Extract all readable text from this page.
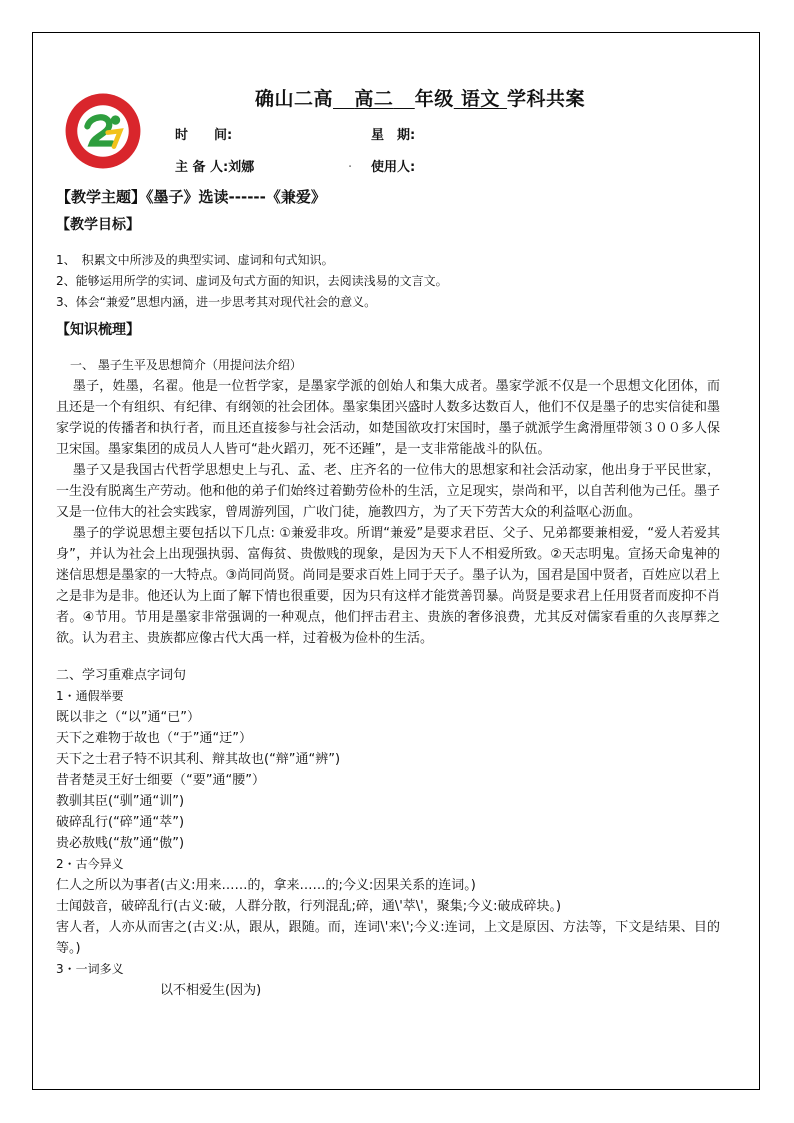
确山二高 高二 年级 语文 学科共案
时　　间:	星　期:
主 备 人:刘娜	. 使用人:

【教学主题】《墨子》选读------《兼爱》

【教学目标】

1、　积累文中所涉及的典型实词、虚词和句式知识。

2、能够运用所学的实词、虚词及句式方面的知识，去阅读浅易的文言文。

3、体会“兼爱”思想内涵，进一步思考其对现代社会的意义。

【知识梳理】

一、 墨子生平及思想简介（用提问法介绍）

墨子，姓墨，名翟。他是一位哲学家，是墨家学派的创始人和集大成者。墨家学派不仅是一个思想文化团体，而且还是一个有组织、有纪律、有纲领的社会团体。墨家集团兴盛时人数多达数百人，他们不仅是墨子的忠实信徒和墨家学说的传播者和执行者，而且还直接参与社会活动，如楚国欲攻打宋国时，墨子就派学生禽滑厘带领３００多人保卫宋国。墨家集团的成员人人皆可“赴火蹈刃，死不还踵”，是一支非常能战斗的队伍。

墨子又是我国古代哲学思想史上与孔、孟、老、庄齐名的一位伟大的思想家和社会活动家，他出身于平民世家，一生没有脱离生产劳动。他和他的弟子们始终过着勤劳俭朴的生活，立足现实，崇尚和平，以自苦利他为己任。墨子又是一位伟大的社会实践家，曾周游列国，广收门徒，施教四方，为了天下劳苦大众的利益呕心沥血。

墨子的学说思想主要包括以下几点: ①兼爱非攻。所谓“兼爱”是要求君臣、父子、兄弟都要兼相爱，“爱人若爱其身”，并认为社会上出现强执弱、富侮贫、贵傲贱的现象，是因为天下人不相爱所致。②天志明鬼。宣扬天命鬼神的迷信思想是墨家的一大特点。③尚同尚贤。尚同是要求百姓上同于天子。墨子认为，国君是国中贤者，百姓应以君上之是非为是非。他还认为上面了解下情也很重要，因为只有这样才能赏善罚暴。尚贤是要求君上任用贤者而废抑不肖者。④节用。节用是墨家非常强调的一种观点，他们抨击君主、贵族的奢侈浪费，尤其反对儒家看重的久丧厚葬之欲。认为君主、贵族都应像古代大禹一样，过着极为俭朴的生活。

二、学习重难点字词句

1・通假举要

既以非之（“以”通“已”）

天下之难物于故也（“于”通“迂”）

天下之士君子特不识其利、辩其故也(“辩”通“辨”)

昔者楚灵王好士细要（“要”通“腰”）

教驯其臣(“驯”通“训”)

破碎乱行(“碎”通“萃”)

贵必敖贱(“敖”通“傲”)

2・古今异义

仁人之所以为事者(古义:用来……的，拿来……的;今义:因果关系的连词。)

士闻鼓音，破碎乱行(古义:破，人群分散，行列混乱;碎，通\'萃\'，聚集;今义:破成碎块。)

害人者，人亦从而害之(古义:从，跟从，跟随。而，连词\'来\';今义:连词，上文是原因、方法等，下文是结果、目的等。)

3・一词多义

以不相爱生(因为)
